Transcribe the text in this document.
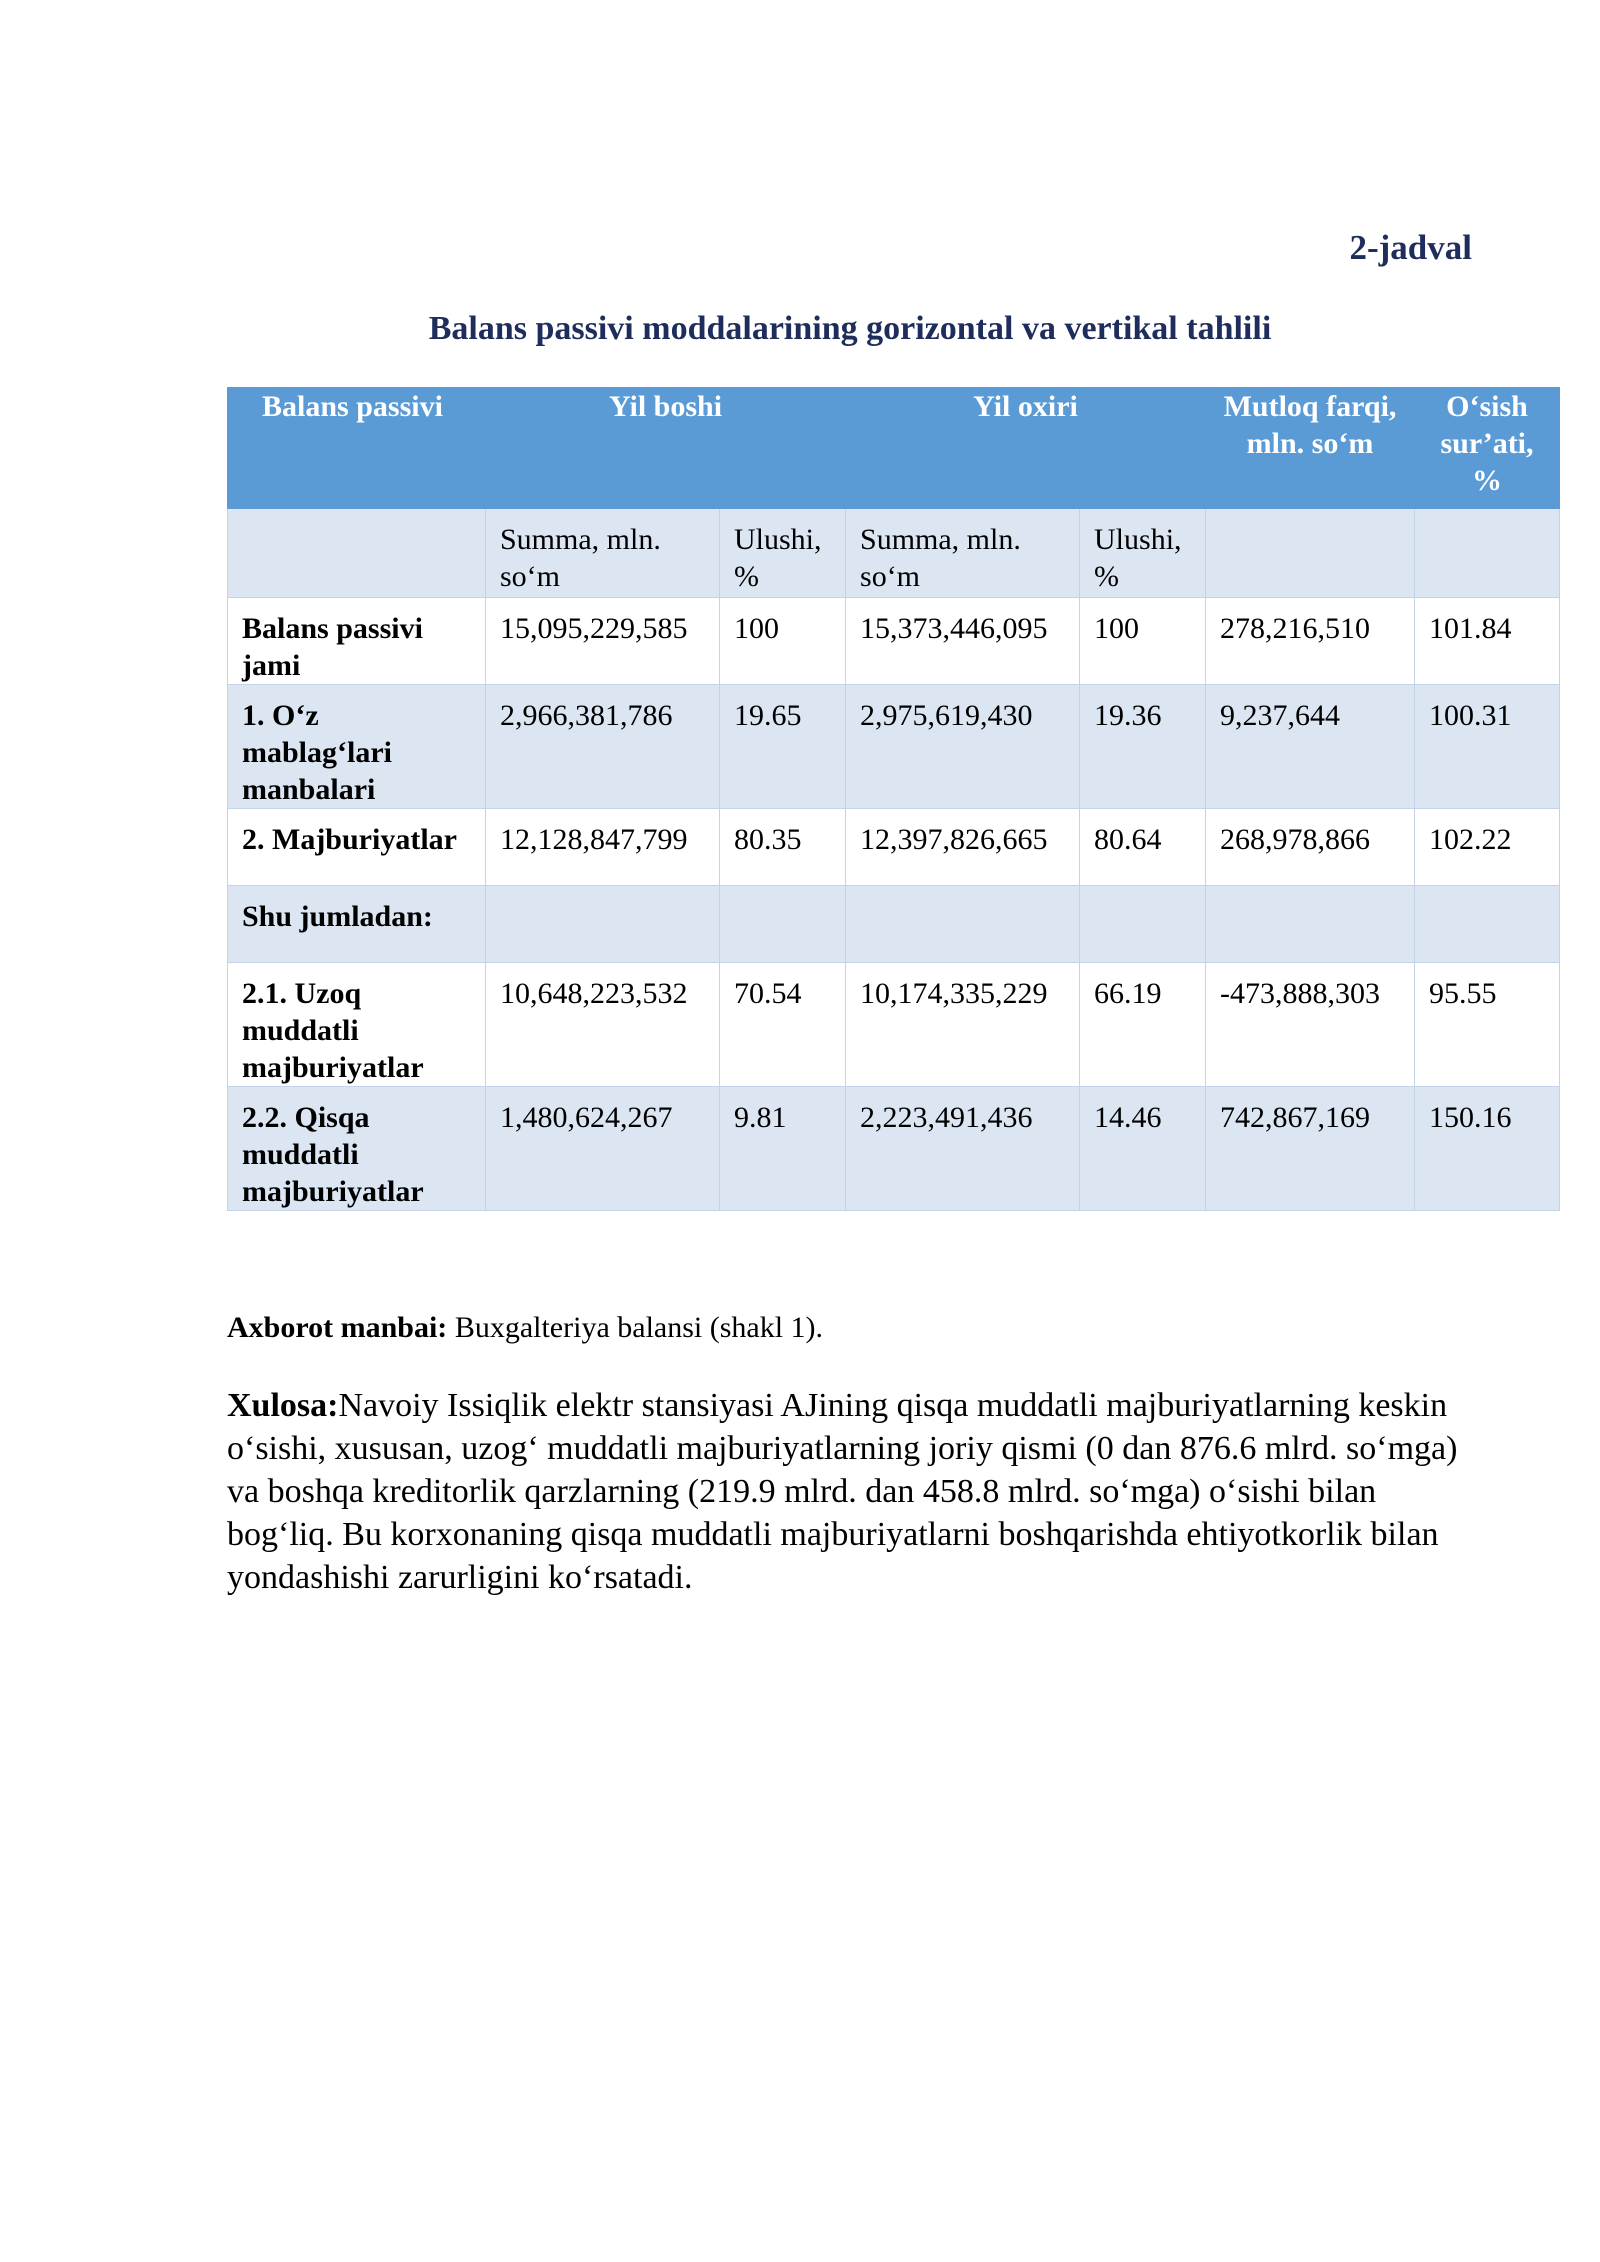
2-jadval
Balans passivi moddalarining gorizontal va vertikal tahlili
Balans passivi	Yil boshi		Yil oxiri		Mutloq farqi, mln. so‘m	O‘sish sur’ati, %
	Summa, mln. so‘m	Ulushi, %	Summa, mln. so‘m	Ulushi, %		
Balans passivi jami	15,095,229,585	100	15,373,446,095	100	278,216,510	101.84
1. O‘z mablag‘lari manbalari	2,966,381,786	19.65	2,975,619,430	19.36	9,237,644	100.31
2. Majburiyatlar	12,128,847,799	80.35	12,397,826,665	80.64	268,978,866	102.22
Shu jumladan:						
2.1. Uzoq muddatli majburiyatlar	10,648,223,532	70.54	10,174,335,229	66.19	-473,888,303	95.55
2.2. Qisqa muddatli majburiyatlar	1,480,624,267	9.81	2,223,491,436	14.46	742,867,169	150.16
Axborot manbai: Buxgalteriya balansi (shakl 1).
Xulosa:Navoiy Issiqlik elektr stansiyasi AJining qisqa muddatli majburiyatlarning keskin o‘sishi, xususan, uzog‘ muddatli majburiyatlarning joriy qismi (0 dan 876.6 mlrd. so‘mga) va boshqa kreditorlik qarzlarning (219.9 mlrd. dan 458.8 mlrd. so‘mga) o‘sishi bilan bog‘liq. Bu korxonaning qisqa muddatli majburiyatlarni boshqarishda ehtiyotkorlik bilan yondashishi zarurligini ko‘rsatadi.
